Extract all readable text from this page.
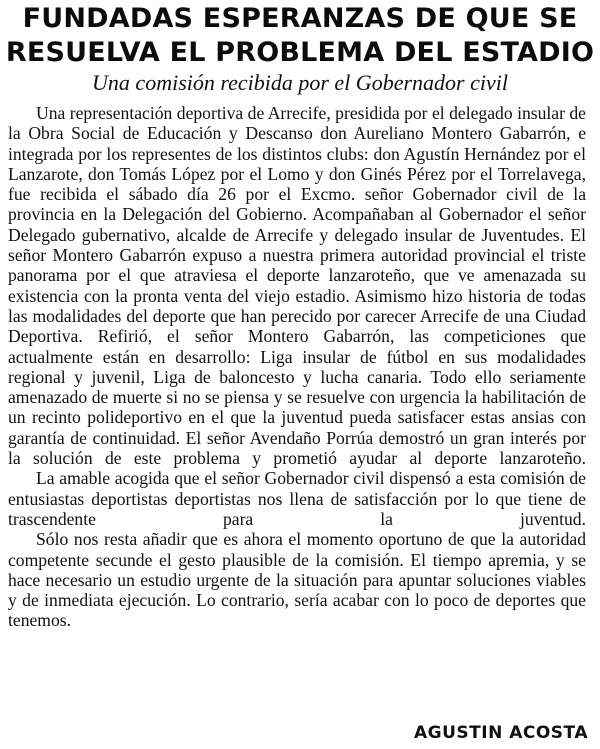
FUNDADAS ESPERANZAS DE QUE SE
RESUELVA EL PROBLEMA DEL ESTADIO
Una comisión recibida por el Gobernador civil

Una representación deportiva de Arrecife, presidida por el delegado insular de la Obra Social de Educación y Descanso don Aureliano Montero Gabarrón, e integrada por los representes de los distintos clubs: don Agustín Hernández por el Lanzarote, don Tomás López por el Lomo y don Ginés Pérez por el Torrelavega, fue recibida el sábado día 26 por el Excmo. señor Gobernador civil de la provincia en la Delegación del Gobierno. Acompañaban al Gobernador el señor Delegado gubernativo, alcalde de Arrecife y delegado insular de Juventudes. El señor Montero Gabarrón expuso a nuestra primera autoridad provincial el triste panorama por el que atraviesa el deporte lanzaroteño, que ve amenazada su existencia con la pronta venta del viejo estadio. Asimismo hizo historia de todas las modalidades del deporte que han perecido por carecer Arrecife de una Ciudad Deportiva. Refirió, el señor Montero Gabarrón, las competiciones que actualmente están en desarrollo: Liga insular de fútbol en sus modalidades regional y juvenil, Liga de baloncesto y lucha canaria. Todo ello seriamente amenazado de muerte si no se piensa y se resuelve con urgencia la habilitación de un recinto polideportivo en el que la juventud pueda satisfacer estas ansias con garantía de continuidad. El señor Avendaño Porrúa demostró un gran interés por la solución de este problema y prometió ayudar al deporte lanzaroteño.

La amable acogida que el señor Gobernador civil dispensó a esta comisión de entusiastas deportistas deportistas nos llena de satisfacción por lo que tiene de trascendente para la juventud.

Sólo nos resta añadir que es ahora el momento oportuno de que la autoridad competente secunde el gesto plausible de la comisión. El tiempo apremia, y se hace necesario un estudio urgente de la situación para apuntar soluciones viables y de inmediata ejecución. Lo contrario, sería acabar con lo poco de deportes que tenemos.

AGUSTIN ACOSTA
